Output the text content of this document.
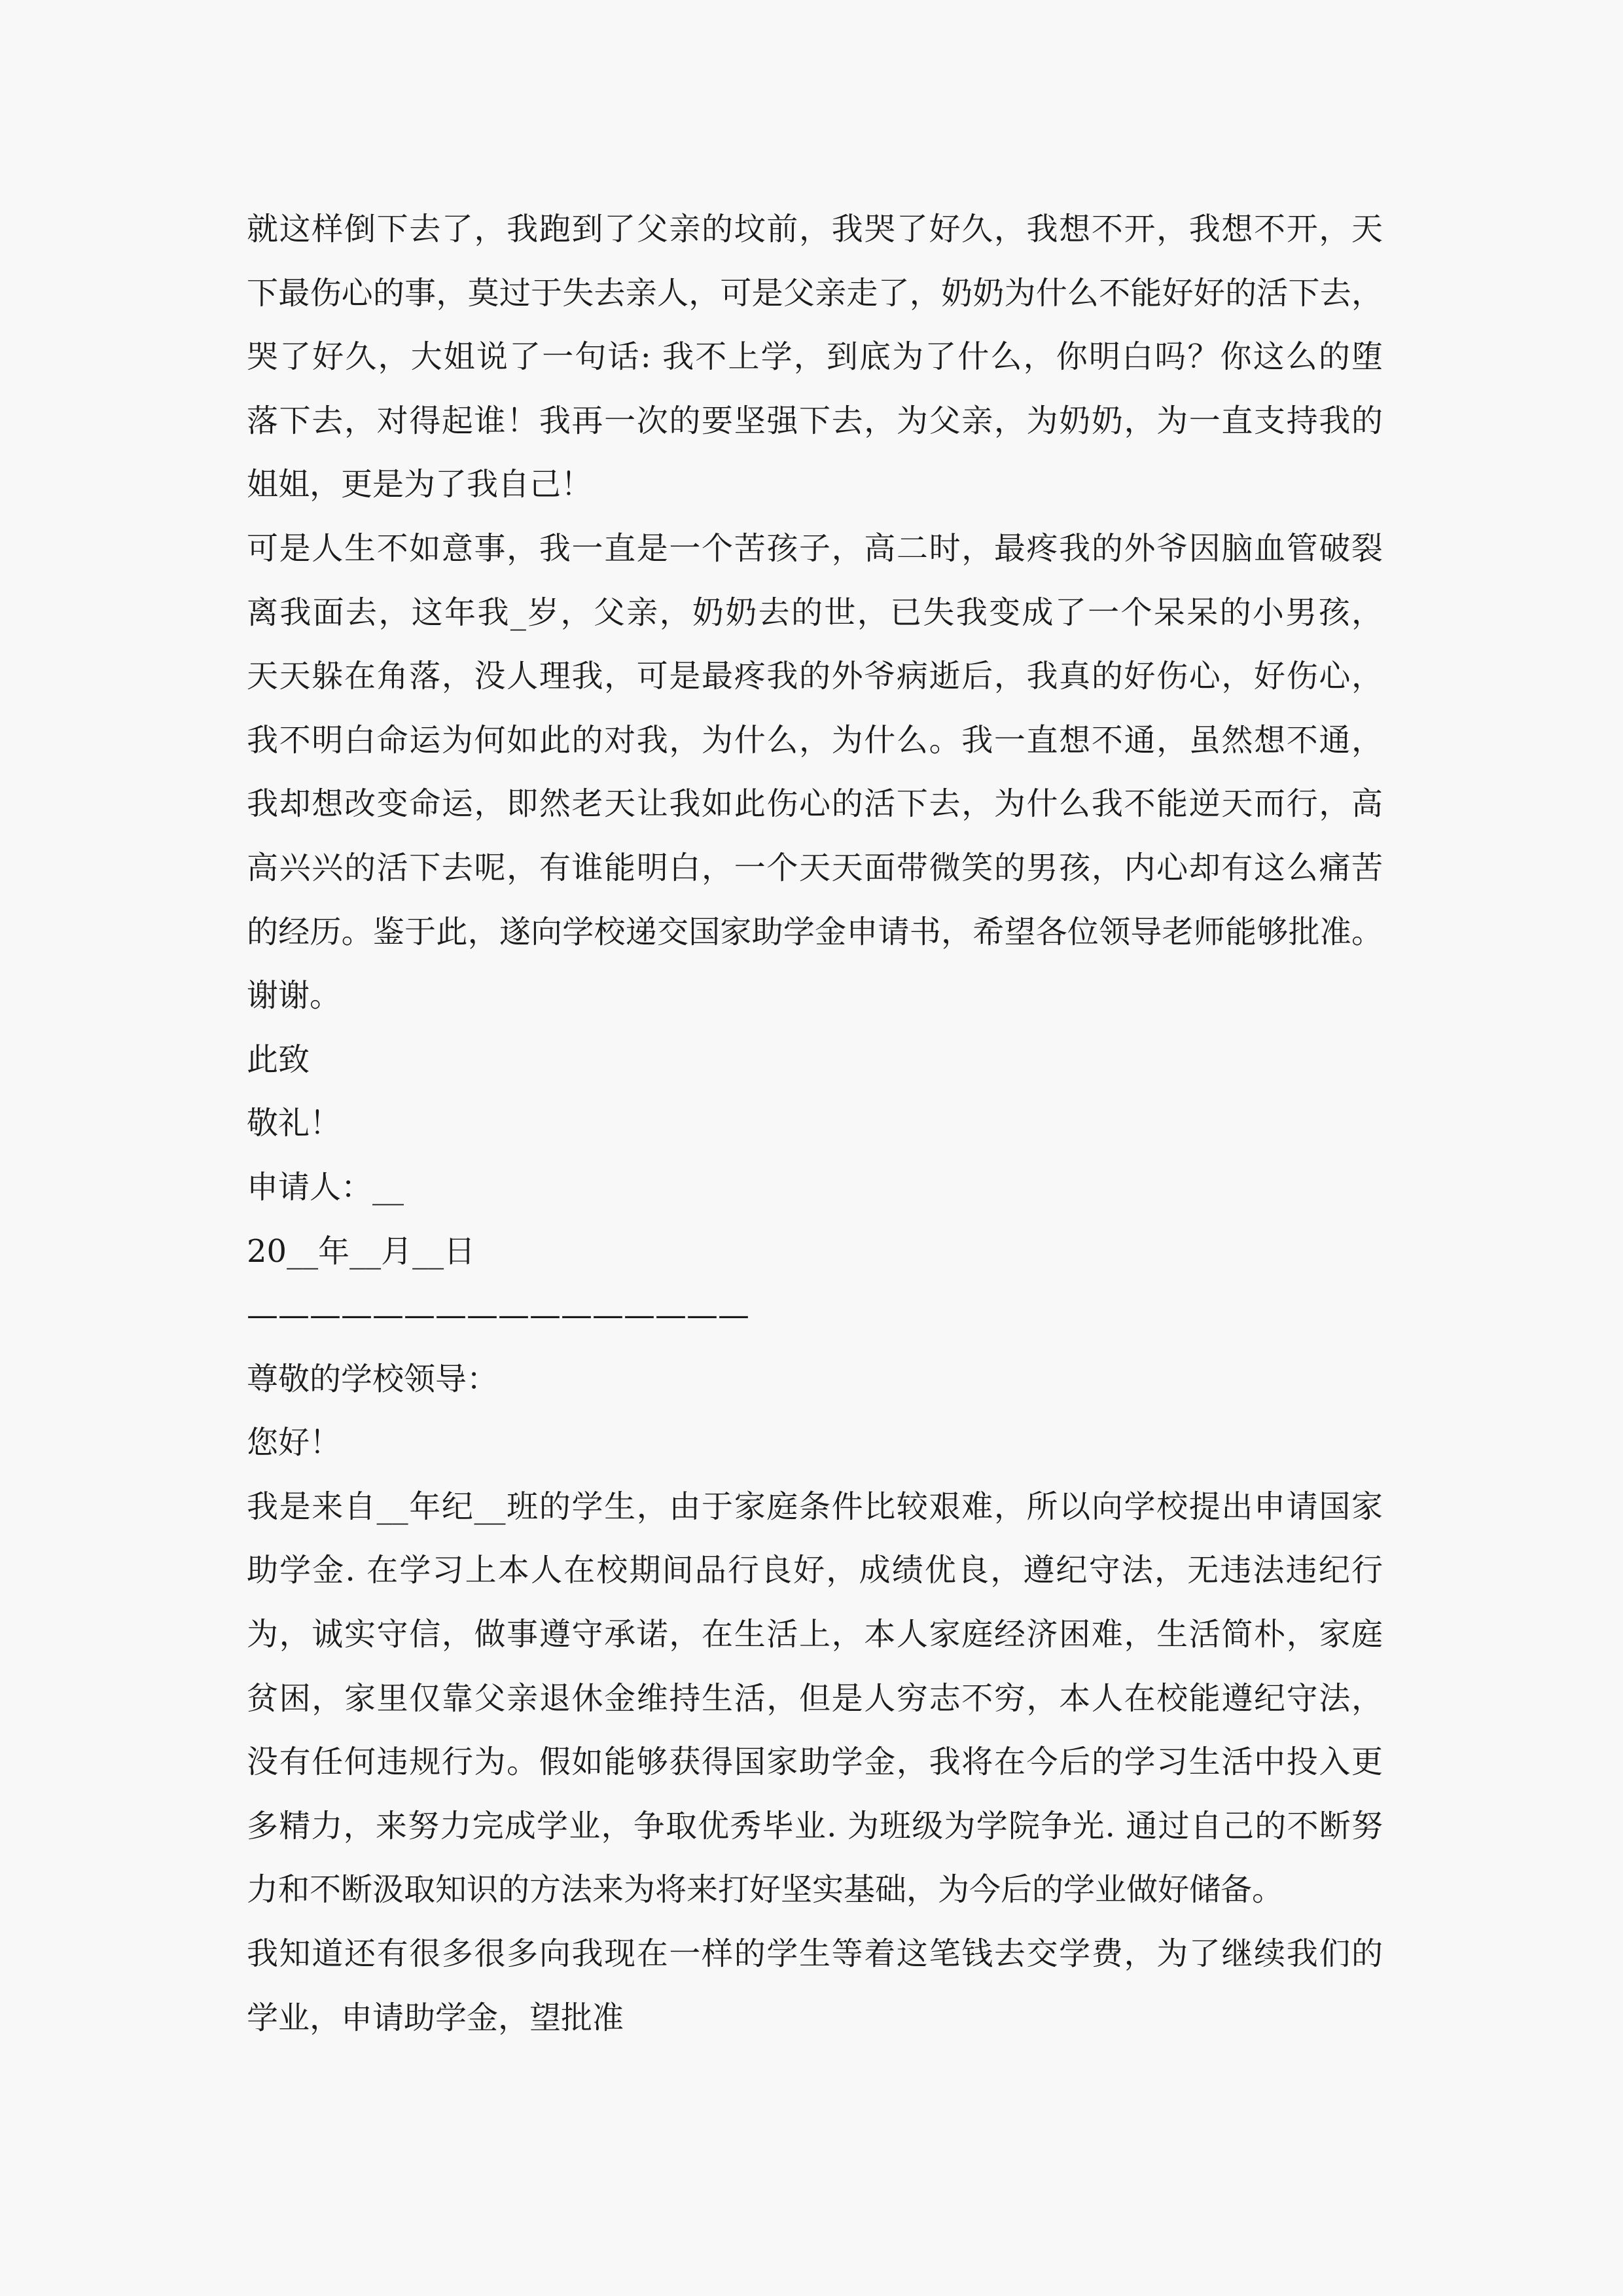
就这样倒下去了，我跑到了父亲的坟前，我哭了好久，我想不开，我想不开，天
下最伤心的事，莫过于失去亲人，可是父亲走了，奶奶为什么不能好好的活下去，
哭了好久，大姐说了一句话: 我不上学，到底为了什么，你明白吗？你这么的堕
落下去，对得起谁！我再一次的要坚强下去，为父亲，为奶奶，为一直支持我的
姐姐，更是为了我自己！
可是人生不如意事，我一直是一个苦孩子，高二时，最疼我的外爷因脑血管破裂
离我面去，这年我_岁，父亲，奶奶去的世，已失我变成了一个呆呆的小男孩，
天天躲在角落，没人理我，可是最疼我的外爷病逝后，我真的好伤心，好伤心，
我不明白命运为何如此的对我，为什么，为什么。我一直想不通，虽然想不通，
我却想改变命运，即然老天让我如此伤心的活下去，为什么我不能逆天而行，高
高兴兴的活下去呢，有谁能明白，一个天天面带微笑的男孩，内心却有这么痛苦
的经历。鉴于此，遂向学校递交国家助学金申请书，希望各位领导老师能够批准。
谢谢。
此致
敬礼！
申请人：__
20__年__月__日
————————————————
尊敬的学校领导：
您好！
我是来自__年纪__班的学生，由于家庭条件比较艰难，所以向学校提出申请国家
助学金. 在学习上本人在校期间品行良好，成绩优良，遵纪守法，无违法违纪行
为，诚实守信，做事遵守承诺，在生活上，本人家庭经济困难，生活简朴，家庭
贫困，家里仅靠父亲退休金维持生活，但是人穷志不穷，本人在校能遵纪守法，
没有任何违规行为。假如能够获得国家助学金，我将在今后的学习生活中投入更
多精力，来努力完成学业，争取优秀毕业. 为班级为学院争光. 通过自己的不断努
力和不断汲取知识的方法来为将来打好坚实基础，为今后的学业做好储备。
我知道还有很多很多向我现在一样的学生等着这笔钱去交学费，为了继续我们的
学业，申请助学金，望批准
